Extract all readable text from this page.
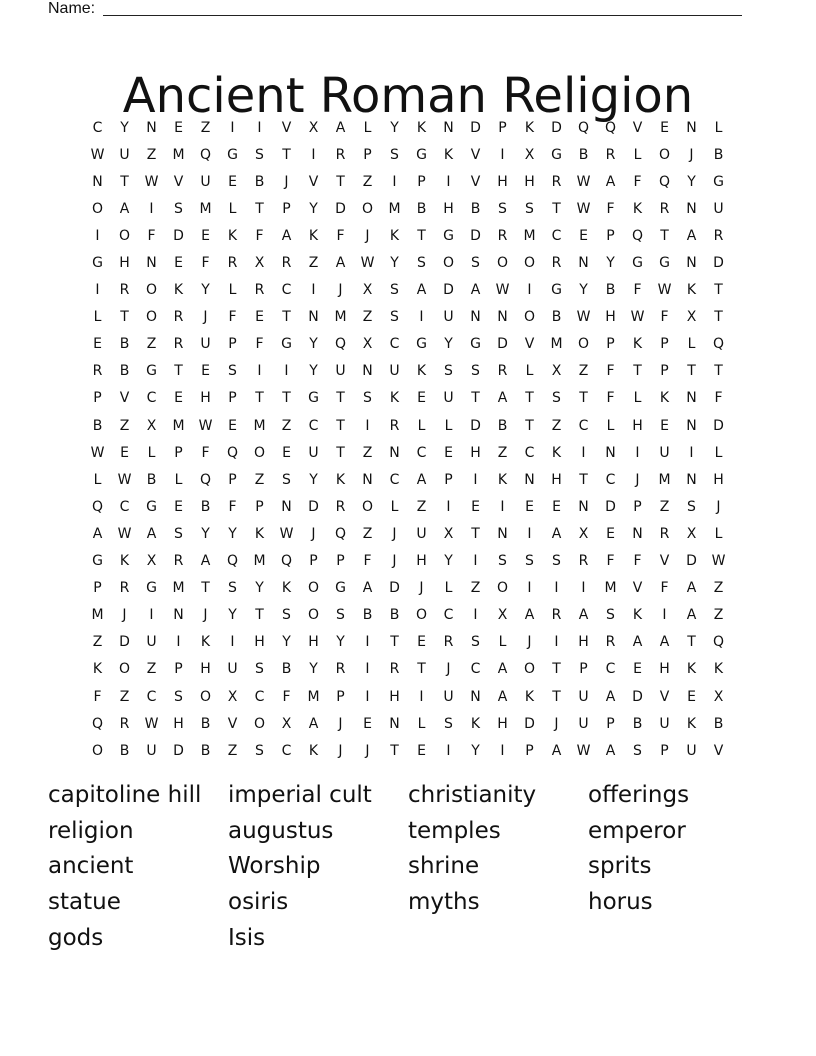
Name:
Ancient Roman Religion
C	Y	N	E	Z	I	I	V	X	A	L	Y	K	N	D	P	K	D	Q	Q	V	E	N	L
W	U	Z	M	Q	G	S	T	I	R	P	S	G	K	V	I	X	G	B	R	L	O	J	B
N	T	W	V	U	E	B	J	V	T	Z	I	P	I	V	H	H	R	W	A	F	Q	Y	G
O	A	I	S	M	L	T	P	Y	D	O	M	B	H	B	S	S	T	W	F	K	R	N	U
I	O	F	D	E	K	F	A	K	F	J	K	T	G	D	R	M	C	E	P	Q	T	A	R
G	H	N	E	F	R	X	R	Z	A	W	Y	S	O	S	O	O	R	N	Y	G	G	N	D
I	R	O	K	Y	L	R	C	I	J	X	S	A	D	A	W	I	G	Y	B	F	W	K	T
L	T	O	R	J	F	E	T	N	M	Z	S	I	U	N	N	O	B	W	H	W	F	X	T
E	B	Z	R	U	P	F	G	Y	Q	X	C	G	Y	G	D	V	M	O	P	K	P	L	Q
R	B	G	T	E	S	I	I	Y	U	N	U	K	S	S	R	L	X	Z	F	T	P	T	T
P	V	C	E	H	P	T	T	G	T	S	K	E	U	T	A	T	S	T	F	L	K	N	F
B	Z	X	M	W	E	M	Z	C	T	I	R	L	L	D	B	T	Z	C	L	H	E	N	D
W	E	L	P	F	Q	O	E	U	T	Z	N	C	E	H	Z	C	K	I	N	I	U	I	L
L	W	B	L	Q	P	Z	S	Y	K	N	C	A	P	I	K	N	H	T	C	J	M	N	H
Q	C	G	E	B	F	P	N	D	R	O	L	Z	I	E	I	E	E	N	D	P	Z	S	J
A	W	A	S	Y	Y	K	W	J	Q	Z	J	U	X	T	N	I	A	X	E	N	R	X	L
G	K	X	R	A	Q	M	Q	P	P	F	J	H	Y	I	S	S	S	R	F	F	V	D	W
P	R	G	M	T	S	Y	K	O	G	A	D	J	L	Z	O	I	I	I	M	V	F	A	Z
M	J	I	N	J	Y	T	S	O	S	B	B	O	C	I	X	A	R	A	S	K	I	A	Z
Z	D	U	I	K	I	H	Y	H	Y	I	T	E	R	S	L	J	I	H	R	A	A	T	Q
K	O	Z	P	H	U	S	B	Y	R	I	R	T	J	C	A	O	T	P	C	E	H	K	K
F	Z	C	S	O	X	C	F	M	P	I	H	I	U	N	A	K	T	U	A	D	V	E	X
Q	R	W	H	B	V	O	X	A	J	E	N	L	S	K	H	D	J	U	P	B	U	K	B
O	B	U	D	B	Z	S	C	K	J	J	T	E	I	Y	I	P	A	W	A	S	P	U	V
capitoline hill	imperial cult	christianity	offerings
religion	augustus	temples	emperor
ancient	Worship	shrine	sprits
statue	osiris	myths	horus
gods	Isis
